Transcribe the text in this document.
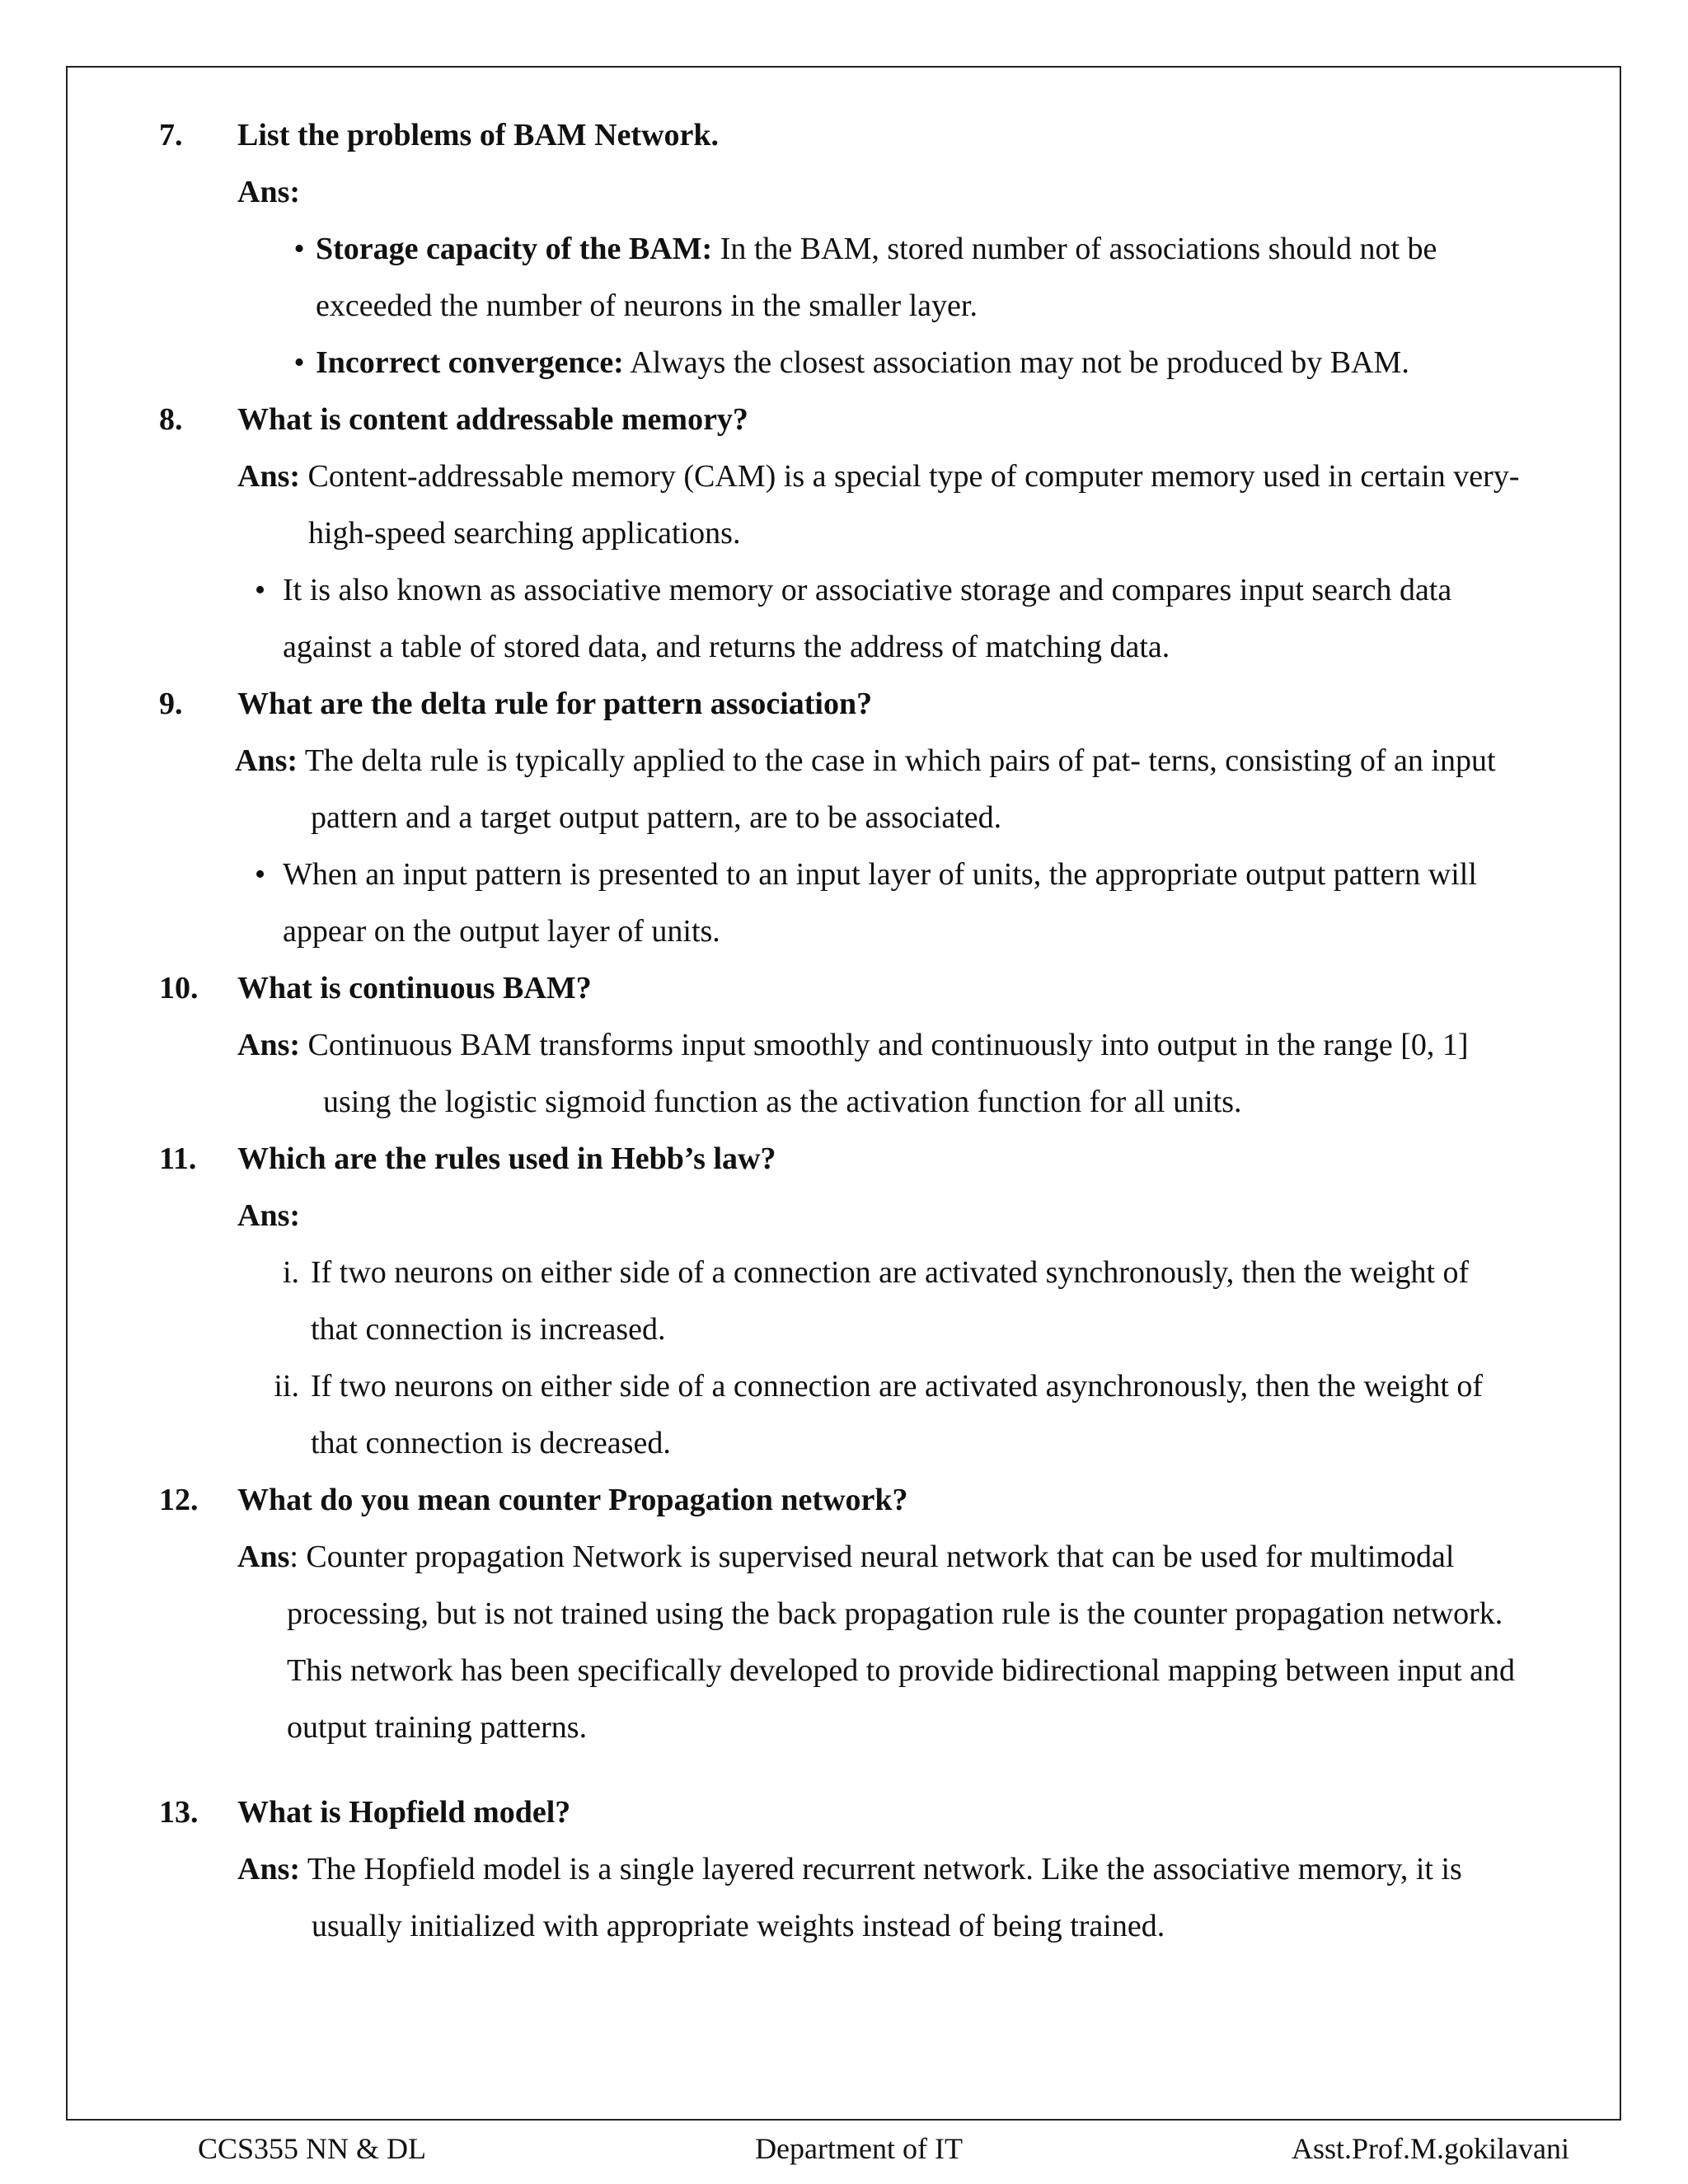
7.	List the problems of BAM Network.
Ans:
• Storage capacity of the BAM: In the BAM, stored number of associations should not be
exceeded the number of neurons in the smaller layer.
• Incorrect convergence: Always the closest association may not be produced by BAM.
8.	What is content addressable memory?
Ans: Content-addressable memory (CAM) is a special type of computer memory used in certain very-
high-speed searching applications.
• It is also known as associative memory or associative storage and compares input search data
against a table of stored data, and returns the address of matching data.
9.	What are the delta rule for pattern association?
Ans: The delta rule is typically applied to the case in which pairs of pat- terns, consisting of an input
pattern and a target output pattern, are to be associated.
• When an input pattern is presented to an input layer of units, the appropriate output pattern will
appear on the output layer of units.
10.	What is continuous BAM?
Ans: Continuous BAM transforms input smoothly and continuously into output in the range [0, 1]
using the logistic sigmoid function as the activation function for all units.
11.	Which are the rules used in Hebb’s law?
Ans:
i. If two neurons on either side of a connection are activated synchronously, then the weight of
that connection is increased.
ii. If two neurons on either side of a connection are activated asynchronously, then the weight of
that connection is decreased.
12.	What do you mean counter Propagation network?
Ans: Counter propagation Network is supervised neural network that can be used for multimodal
processing, but is not trained using the back propagation rule is the counter propagation network.
This network has been specifically developed to provide bidirectional mapping between input and
output training patterns.
13.	What is Hopfield model?
Ans: The Hopfield model is a single layered recurrent network. Like the associative memory, it is
usually initialized with appropriate weights instead of being trained.
CCS355 NN & DL	Department of IT	Asst.Prof.M.gokilavani
